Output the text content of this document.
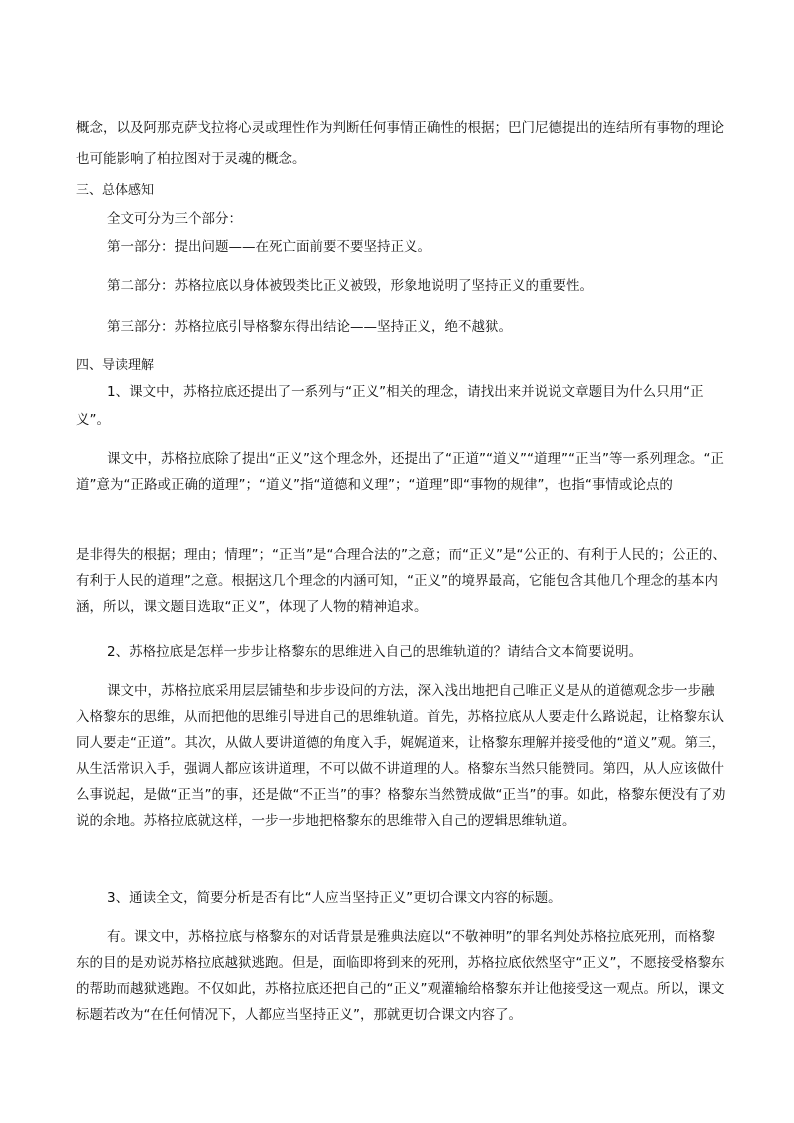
概念，以及阿那克萨戈拉将心灵或理性作为判断任何事情正确性的根据；巴门尼德提出的连结所有事物的理论也可能影响了柏拉图对于灵魂的概念。

三、总体感知

全文可分为三个部分：

第一部分：提出问题——在死亡面前要不要坚持正义。

第二部分：苏格拉底以身体被毁类比正义被毁，形象地说明了坚持正义的重要性。

第三部分：苏格拉底引导格黎东得出结论——坚持正义，绝不越狱。

四、导读理解

1、课文中，苏格拉底还提出了一系列与“正义”相关的理念，请找出来并说说文章题目为什么只用“正义”。

课文中，苏格拉底除了提出“正义”这个理念外，还提出了“正道”“道义”“道理”“正当”等一系列理念。“正道”意为“正路或正确的道理”；“道义”指“道德和义理”；“道理”即“事物的规律”，也指“事情或论点的

是非得失的根据；理由；情理”；“正当”是“合理合法的”之意；而“正义”是“公正的、有利于人民的；公正的、有利于人民的道理”之意。根据这几个理念的内涵可知，“正义”的境界最高，它能包含其他几个理念的基本内涵，所以，课文题目选取“正义”，体现了人物的精神追求。

2、苏格拉底是怎样一步步让格黎东的思维进入自己的思维轨道的？请结合文本简要说明。

课文中，苏格拉底采用层层铺垫和步步设问的方法，深入浅出地把自己唯正义是从的道德观念步一步融入格黎东的思维，从而把他的思维引导进自己的思维轨道。首先，苏格拉底从人要走什么路说起，让格黎东认同人要走“正道”。其次，从做人要讲道德的角度入手，娓娓道来，让格黎东理解并接受他的“道义”观。第三，从生活常识入手，强调人都应该讲道理，不可以做不讲道理的人。格黎东当然只能赞同。第四，从人应该做什么事说起，是做“正当”的事，还是做“不正当”的事？格黎东当然赞成做“正当”的事。如此，格黎东便没有了劝说的余地。苏格拉底就这样，一步一步地把格黎东的思维带入自己的逻辑思维轨道。

3、通读全文，简要分析是否有比“人应当坚持正义”更切合课文内容的标题。

有。课文中，苏格拉底与格黎东的对话背景是雅典法庭以“不敬神明”的罪名判处苏格拉底死刑，而格黎东的目的是劝说苏格拉底越狱逃跑。但是，面临即将到来的死刑，苏格拉底依然坚守“正义”，不愿接受格黎东的帮助而越狱逃跑。不仅如此，苏格拉底还把自己的“正义”观灌输给格黎东并让他接受这一观点。所以，课文标题若改为“在任何情况下，人都应当坚持正义”，那就更切合课文内容了。
